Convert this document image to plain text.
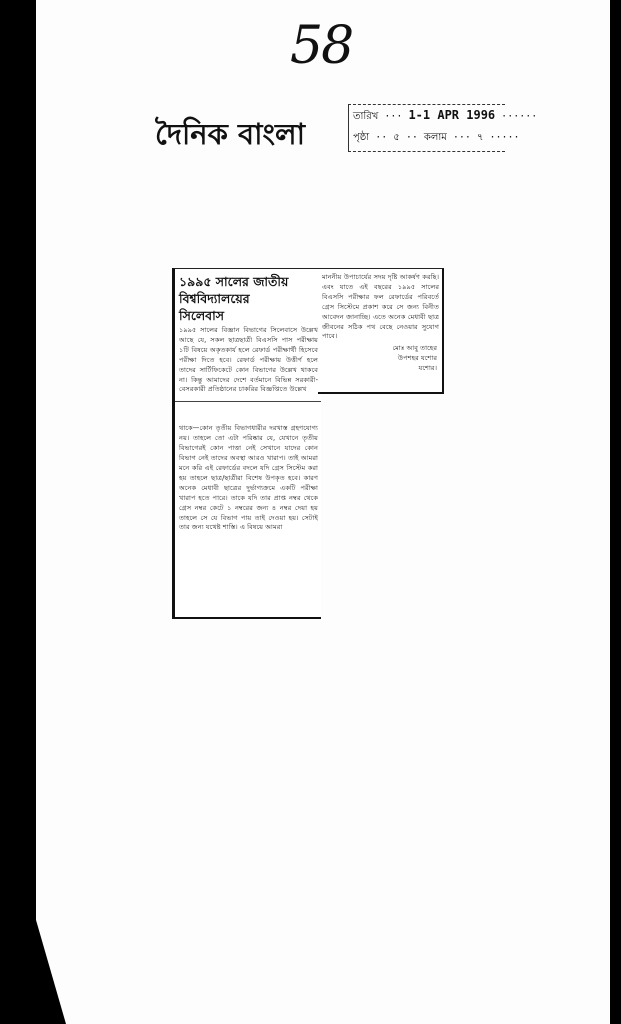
58
দৈনিক বাংলা
তারিখ ··· 1-1 APR 1996 ······
পৃষ্ঠা ·· ৫ ·· কলাম ··· ৭ ·····
১৯৯৫ সালের জাতীয়
বিশ্ববিদ্যালয়ের
সিলেবাস
১৯৯৫ সালের বিজ্ঞান বিভাগের সিলেবাসে উল্লেখ আছে যে, সকল ছাত্রছাত্রী বিএসসি পাস পরীক্ষায় ১টি বিষয়ে অকৃতকার্য হলে রেফার্ড পরীক্ষার্থী হিসেবে পরীক্ষা দিতে হবে। রেফার্ড পরীক্ষায় উত্তীর্ণ হলে তাদের সার্টিফিকেটে কোন বিভাগের উল্লেখ থাকবে না। কিন্তু আমাদের দেশে বর্তমানে বিভিন্ন সরকারী-বেসরকারী প্রতিষ্ঠানের চাকরির বিজ্ঞপ্তিতে উল্লেখ
থাকে—কোন তৃতীয় বিভাগধারীর দরখাস্ত গ্রহণযোগ্য নয়। তাহলে তো এটা পরিষ্কার যে, যেখানে তৃতীয় বিভাগেরই কোন পাত্তা নেই সেখানে যাদের কোন বিভাগ নেই তাদের অবস্থা আরও খারাপ। তাই আমরা মনে করি এই রেফার্ডের বদলে যদি গ্রেস সিস্টেম করা হয় তাহলে ছাত্র/ছাত্রীরা বিশেষ উপকৃত হবে। কারণ অনেক মেধাবী ছাত্রের দুর্ভাগ্যক্রমে একটি পরীক্ষা খারাপ হতে পারে। তাকে যদি তার প্রাপ্ত নম্বর থেকে গ্রেস নম্বর কেটে ১ নম্বরের জন্য ৪ নম্বর দেয়া হয় তাহলে সে যে বিভাগ পায় তাই দেওয়া হয়। সেটাই তার জন্য যথেষ্ট শাস্তি। এ বিষয়ে আমরা
মাননীয় উপাচার্যের সদয় দৃষ্টি আকর্ষণ করছি। এবং যাতে এই বছরের ১৯৯৫ সালের বিএসসি পরীক্ষার ফল রেফার্ডের পরিবর্তে গ্রেস সিস্টেমে প্রকাশ করে সে জন্য বিনীত আবেদন জানাচ্ছি। এতে অনেক মেধাবী ছাত্র জীবনের সঠিক পথ বেছে নেওয়ার সুযোগ পাবে।
মোঃ আবু তাহের
উপশহর যশোর
যশোর।
